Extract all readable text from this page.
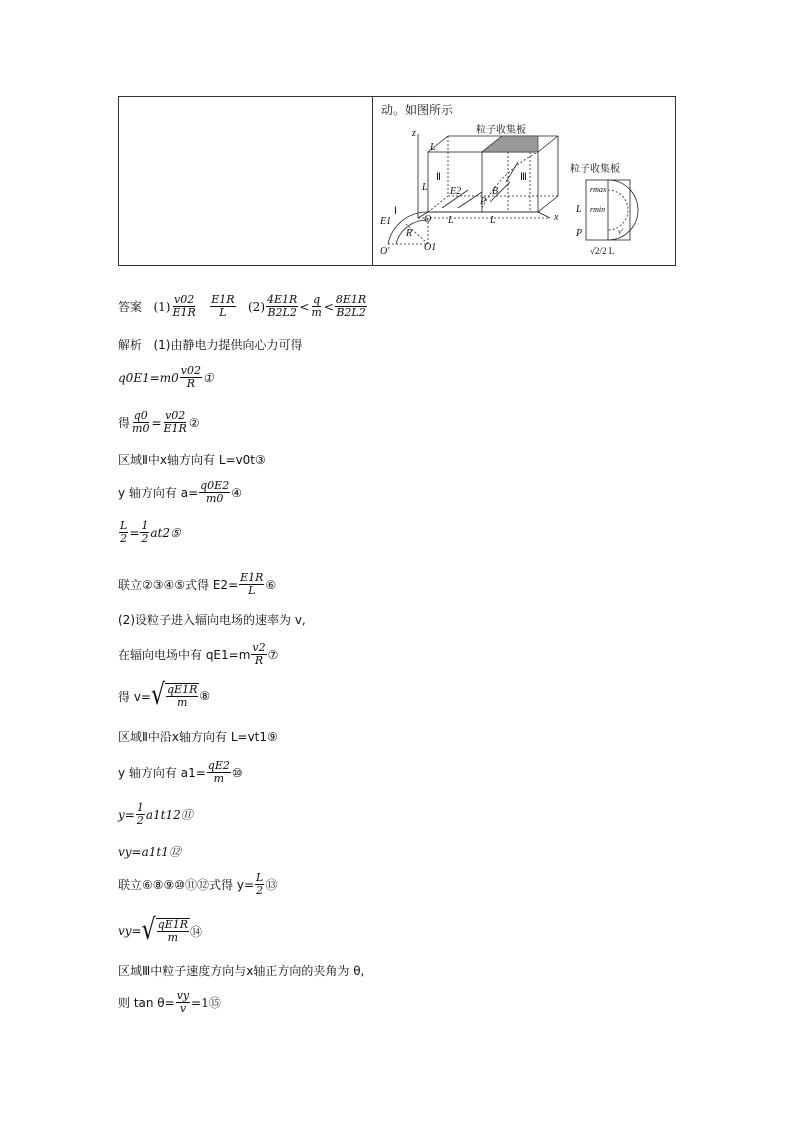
动。如图所示
粒子收集板
粒子收集板
z
x
L
L
L	L
L
Ⅱ	Ⅲ
E2	B
P
P
O
E1
Ⅰ
R
O1
O′
rmax
rmin
v′
√2/2 L
答案
$(1) \frac{v02}{E1R}$
$\frac{E1R}{L}$
$(2) \frac{4E1R}{B2L2} < \frac{q}{m} < \frac{8E1R}{B2L2}$
解析
(1)由静电力提供向心力可得
$q0E1=m0 \frac{v02}{R}$ ①
得 $\frac{q0}{m0} = \frac{v02}{E1R}$ ②
区域Ⅱ中x轴方向有 L=v0t③
y 轴方向有 $a= \frac{q0E2}{m0}$ ④
$\frac{L}{2} = \frac{1}{2}$ at2⑤
联立②③④⑤式得 $E2= \frac{E1R}{L}$ ⑥
(2)设粒子进入辐向电场的速率为 v,
在辐向电场中有 $qE1=m \frac{v2}{R}$ ⑦
得 v= √ $\frac{qE1R}{m}$ ⑧
区域Ⅱ中沿x轴方向有 L=vt1⑨
y 轴方向有 $a1= \frac{qE2}{m}$ ⑩
$y= \frac{1}{2}$ a1t12⑪
vy=a1t1⑫
联立⑥⑧⑨⑩⑪⑫式得 $y= \frac{L}{2}$ ⑬
vy= √ $\frac{qE1R}{m}$ ⑭
区域Ⅲ中粒子速度方向与x轴正方向的夹角为 θ,
则 $\tan \theta= \frac{vy}{v}$ =1⑮
